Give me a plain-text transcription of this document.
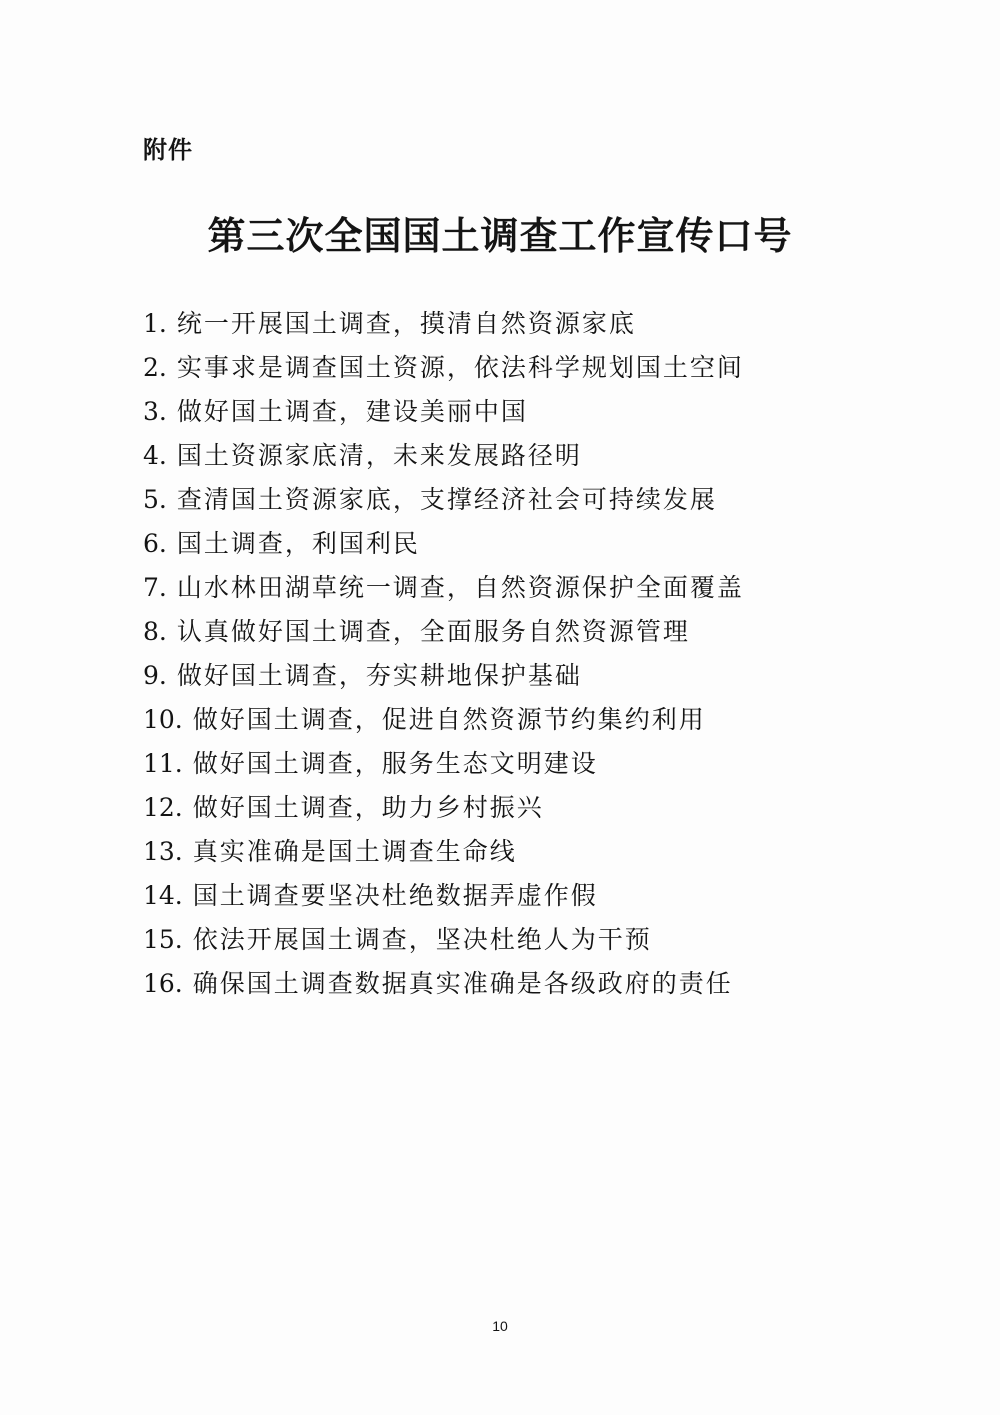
附件

第三次全国国土调查工作宣传口号
1. 统一开展国土调查，摸清自然资源家底
2. 实事求是调查国土资源，依法科学规划国土空间
3. 做好国土调查，建设美丽中国
4. 国土资源家底清，未来发展路径明
5. 查清国土资源家底，支撑经济社会可持续发展
6. 国土调查，利国利民
7. 山水林田湖草统一调查，自然资源保护全面覆盖
8. 认真做好国土调查，全面服务自然资源管理
9. 做好国土调查，夯实耕地保护基础
10. 做好国土调查，促进自然资源节约集约利用
11. 做好国土调查，服务生态文明建设
12. 做好国土调查，助力乡村振兴
13. 真实准确是国土调查生命线
14. 国土调查要坚决杜绝数据弄虚作假
15. 依法开展国土调查，坚决杜绝人为干预
16. 确保国土调查数据真实准确是各级政府的责任
10
